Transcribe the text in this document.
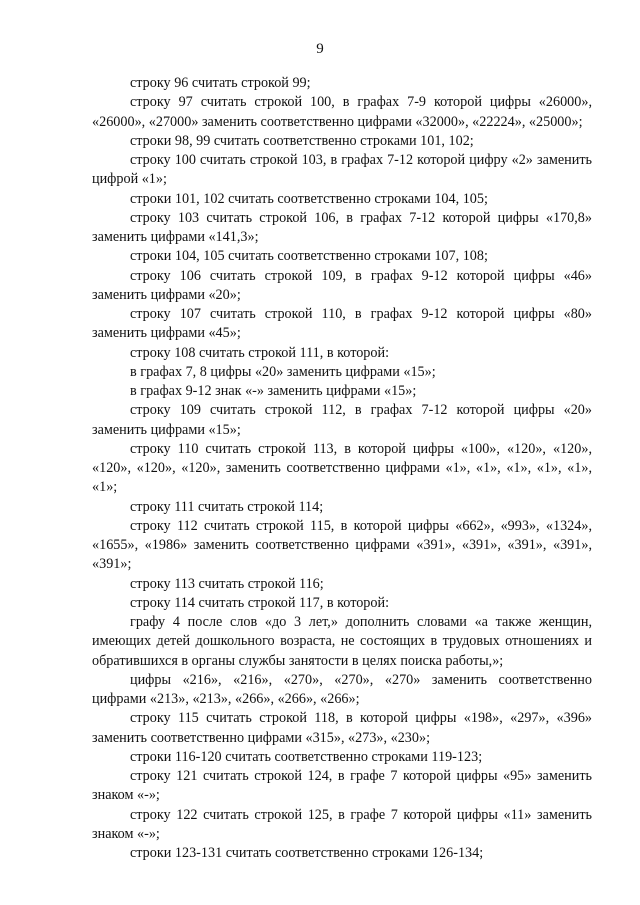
9

строку 96 считать строкой 99;

строку 97 считать строкой 100, в графах 7-9 которой цифры «26000», «26000», «27000» заменить соответственно цифрами «32000», «22224», «25000»;

строки 98, 99 считать соответственно строками 101, 102;

строку 100 считать строкой 103, в графах 7-12 которой цифру «2» заменить цифрой «1»;

строки 101, 102 считать соответственно строками 104, 105;

строку 103 считать строкой 106, в графах 7-12 которой цифры «170,8» заменить цифрами «141,3»;

строки 104, 105 считать соответственно строками 107, 108;

строку 106 считать строкой 109, в графах 9-12 которой цифры «46» заменить цифрами «20»;

строку 107 считать строкой 110, в графах 9-12 которой цифры «80» заменить цифрами «45»;

строку 108 считать строкой 111, в которой:

в графах 7, 8 цифры «20» заменить цифрами «15»;

в графах 9-12 знак «-» заменить цифрами «15»;

строку 109 считать строкой 112, в графах 7-12 которой цифры «20» заменить цифрами «15»;

строку 110 считать строкой 113, в которой цифры «100», «120», «120», «120», «120», «120», заменить соответственно цифрами «1», «1», «1», «1», «1», «1»;

строку 111 считать строкой 114;

строку 112 считать строкой 115, в которой цифры «662», «993», «1324», «1655», «1986» заменить соответственно цифрами «391», «391», «391», «391», «391»;

строку 113 считать строкой 116;

строку 114 считать строкой 117, в которой:

графу 4 после слов «до 3 лет,» дополнить словами «а также женщин, имеющих детей дошкольного возраста, не состоящих в трудовых отношениях и обратившихся в органы службы занятости в целях поиска работы,»;

цифры «216», «216», «270», «270», «270» заменить соответственно цифрами «213», «213», «266», «266», «266»;

строку 115 считать строкой 118, в которой цифры «198», «297», «396» заменить соответственно цифрами «315», «273», «230»;

строки 116-120 считать соответственно строками 119-123;

строку 121 считать строкой 124, в графе 7 которой цифры «95» заменить знаком «-»;

строку 122 считать строкой 125, в графе 7 которой цифры «11» заменить знаком «-»;

строки 123-131 считать соответственно строками 126-134;
